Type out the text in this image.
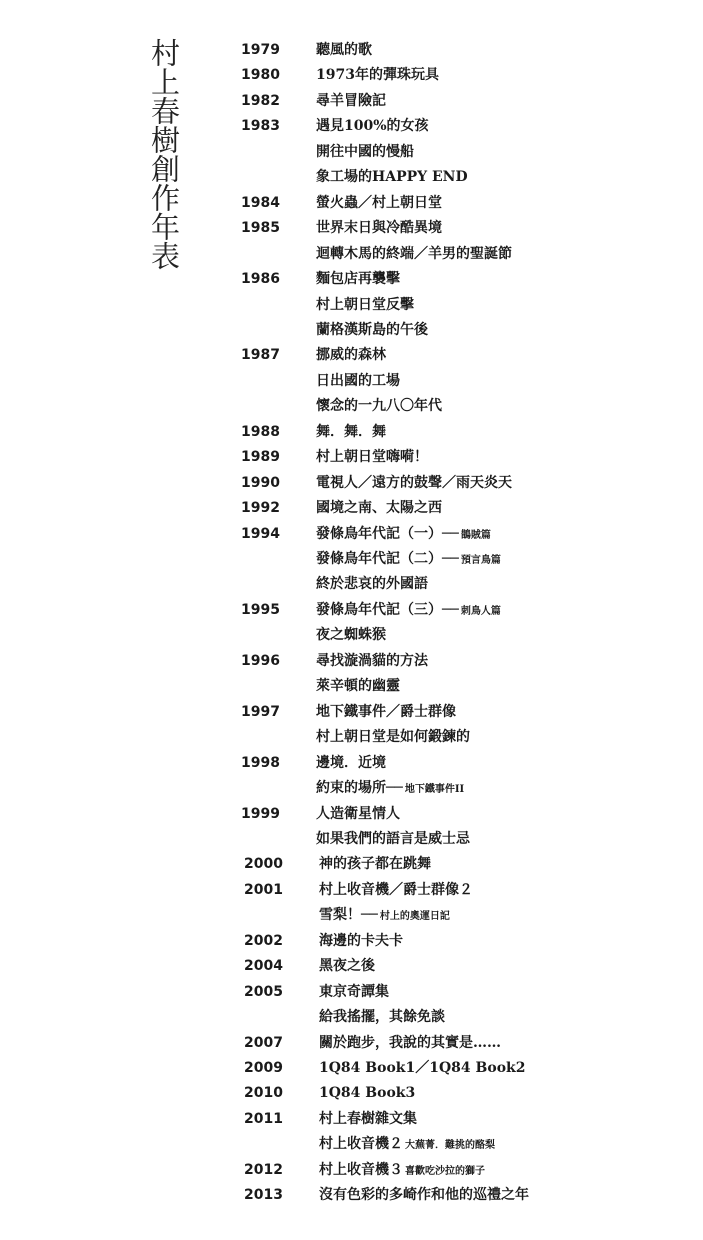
村上春樹創作年表	1979	聽風的歌
1980	1973年的彈珠玩具
1982	尋羊冒險記
1983	遇見100%的女孩
開往中國的慢船
象工場的HAPPY END
1984	螢火蟲／村上朝日堂
1985	世界末日與冷酷異境
迴轉木馬的終端／羊男的聖誕節
1986	麵包店再襲擊
村上朝日堂反擊
蘭格漢斯島的午後
1987	挪威的森林
日出國的工場
懷念的一九八〇年代
1988	舞．舞．舞
1989	村上朝日堂嗨嗬！
1990	電視人／遠方的鼓聲／雨天炎天
1992	國境之南、太陽之西
1994	發條鳥年代記（一）── 鵲賊篇
發條鳥年代記（二）── 預言鳥篇
終於悲哀的外國語
1995	發條鳥年代記（三）── 刺鳥人篇
夜之蜘蛛猴
1996	尋找漩渦貓的方法
萊辛頓的幽靈
1997	地下鐵事件／爵士群像
村上朝日堂是如何鍛鍊的
1998	邊境．近境
約束的場所── 地下鐵事件II
1999	人造衛星情人
如果我們的語言是威士忌
2000	神的孩子都在跳舞
2001	村上收音機／爵士群像２
雪梨！── 村上的奧運日記
2002	海邊的卡夫卡
2004	黑夜之後
2005	東京奇譚集
給我搖擺，其餘免談
2007	關於跑步，我說的其實是……
2009	1Q84 Book1／1Q84 Book2
2010	1Q84 Book3
2011	村上春樹雜文集
村上收音機２ 大蕪菁．難挑的酪梨
2012	村上收音機３ 喜歡吃沙拉的獅子
2013	沒有色彩的多崎作和他的巡禮之年
